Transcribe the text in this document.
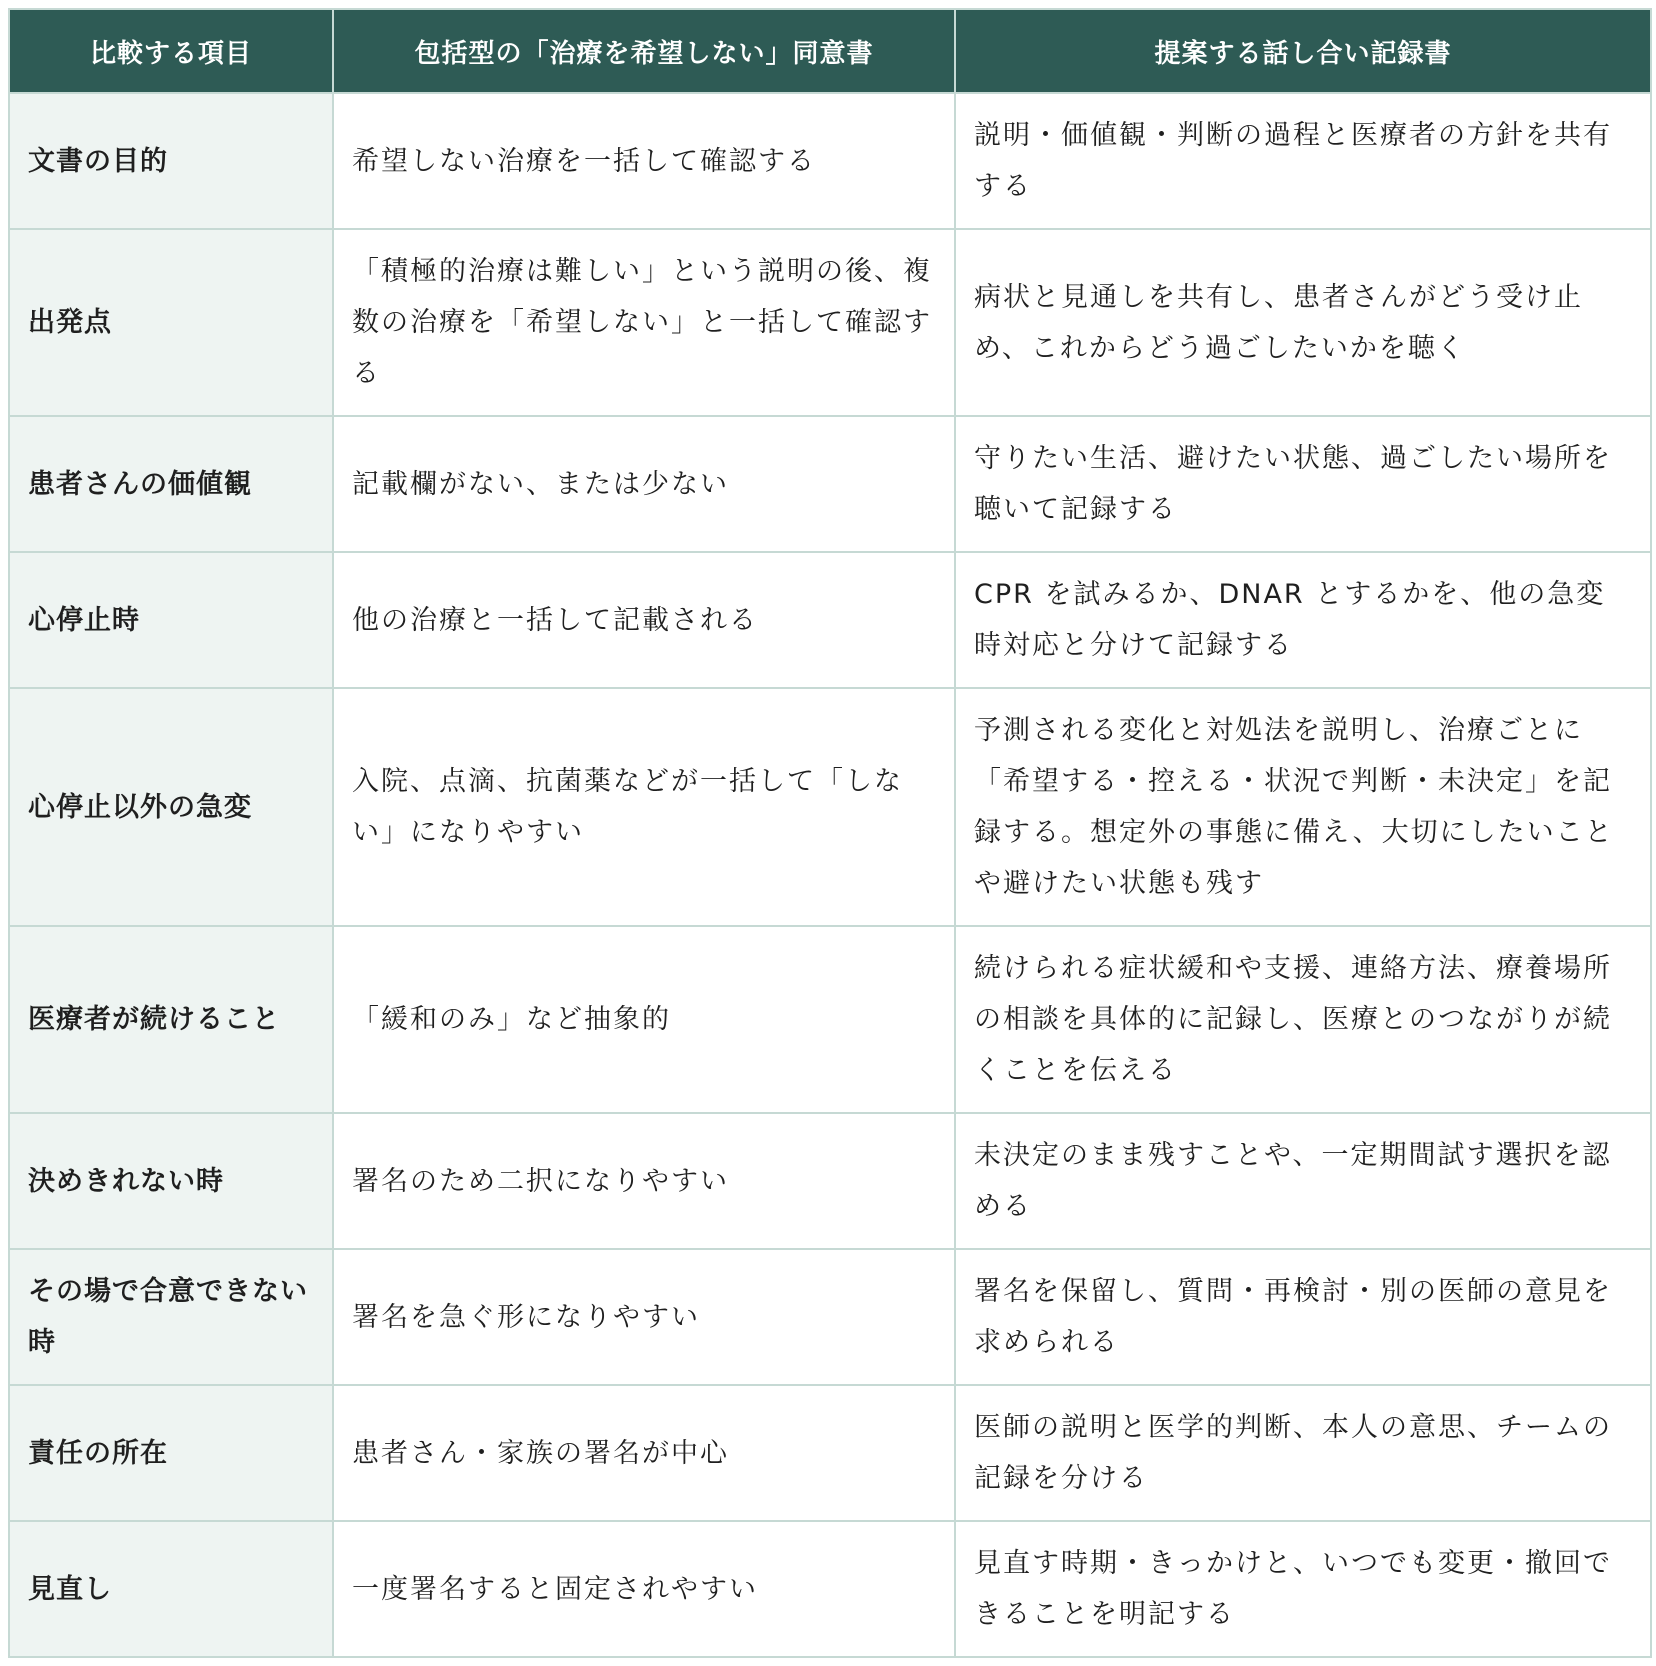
比較する項目	包括型の「治療を希望しない」同意書	提案する話し合い記録書
文書の目的	希望しない治療を一括して確認する	説明・価値観・判断の過程と医療者の方針を共有する
出発点	「積極的治療は難しい」という説明の後、複数の治療を「希望しない」と一括して確認する	病状と見通しを共有し、患者さんがどう受け止め、これからどう過ごしたいかを聴く
患者さんの価値観	記載欄がない、または少ない	守りたい生活、避けたい状態、過ごしたい場所を聴いて記録する
心停止時	他の治療と一括して記載される	CPR を試みるか、DNAR とするかを、他の急変時対応と分けて記録する
心停止以外の急変	入院、点滴、抗菌薬などが一括して「しない」になりやすい	予測される変化と対処法を説明し、治療ごとに「希望する・控える・状況で判断・未決定」を記録する。想定外の事態に備え、大切にしたいことや避けたい状態も残す
医療者が続けること	「緩和のみ」など抽象的	続けられる症状緩和や支援、連絡方法、療養場所の相談を具体的に記録し、医療とのつながりが続くことを伝える
決めきれない時	署名のため二択になりやすい	未決定のまま残すことや、一定期間試す選択を認める
その場で合意できない時	署名を急ぐ形になりやすい	署名を保留し、質問・再検討・別の医師の意見を求められる
責任の所在	患者さん・家族の署名が中心	医師の説明と医学的判断、本人の意思、チームの記録を分ける
見直し	一度署名すると固定されやすい	見直す時期・きっかけと、いつでも変更・撤回できることを明記する
